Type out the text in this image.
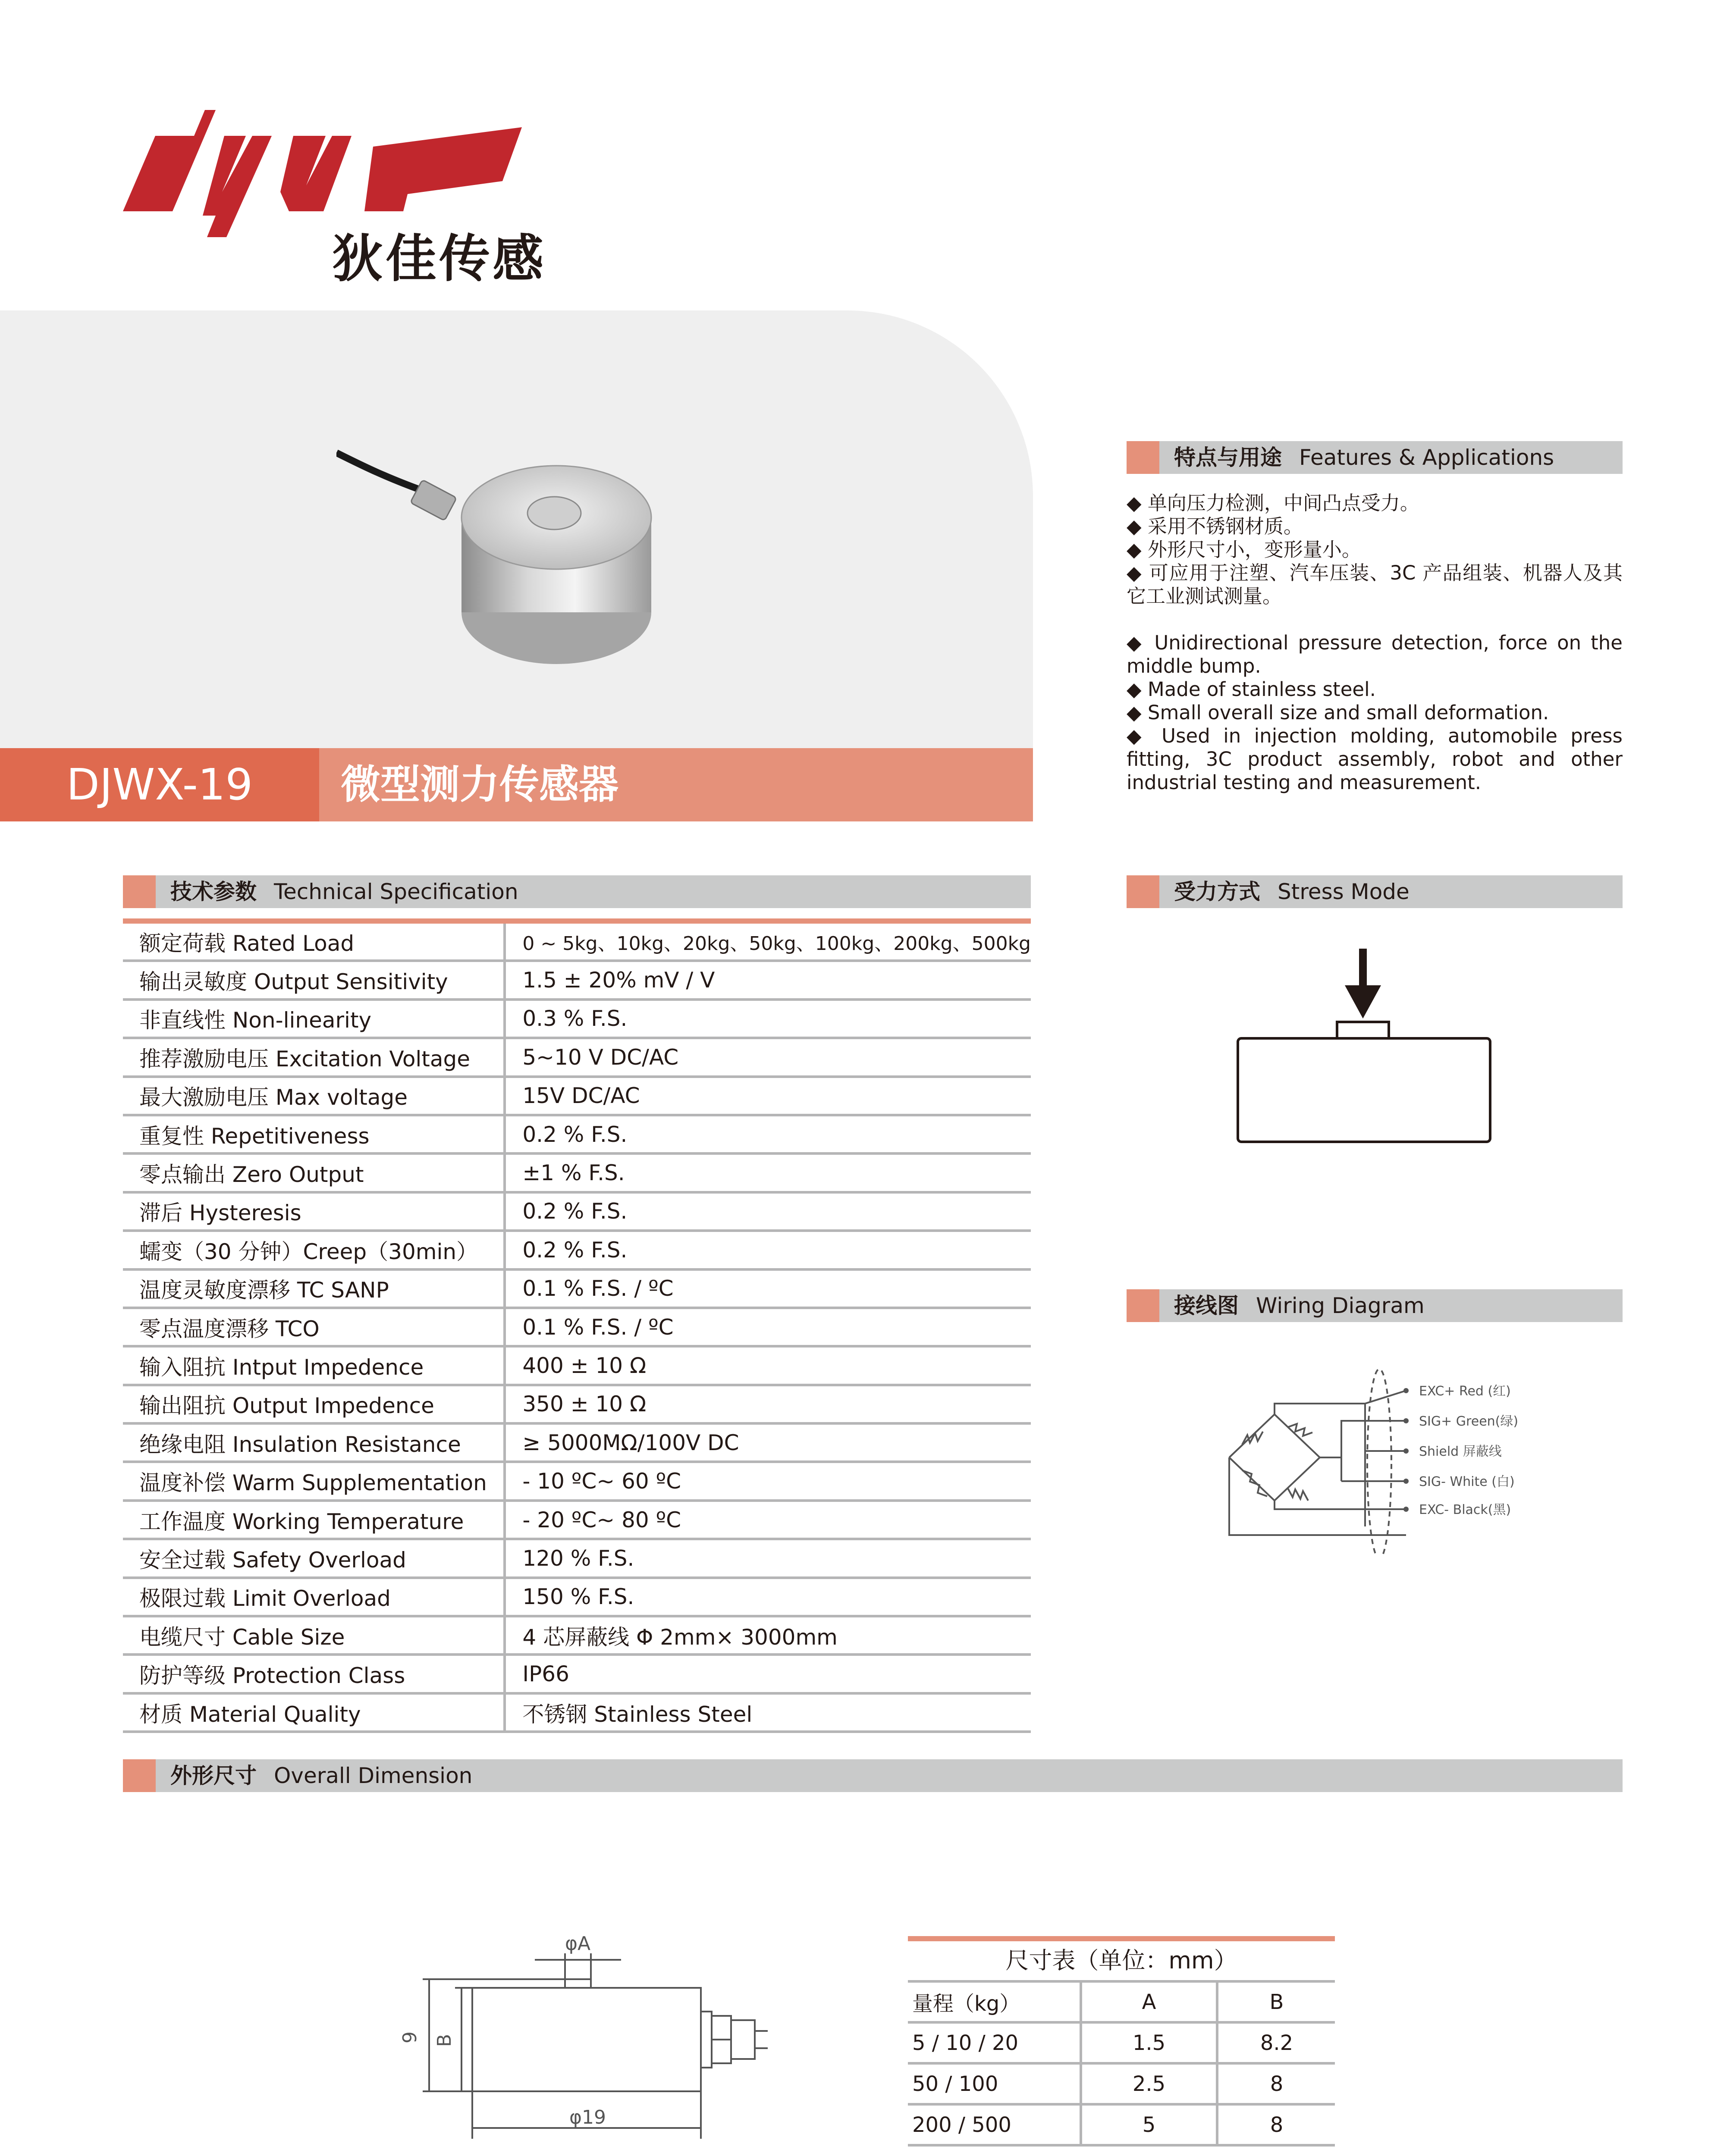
狄佳传感
DJWX-19	微型测力传感器
特点与用途 Features & Applications

◆ 单向压力检测，中间凸点受力。

◆ 采用不锈钢材质。

◆ 外形尺寸小，变形量小。

◆ 可应用于注塑、汽车压装、3C 产品组装、机器人及其它工业测试测量。

◆ Unidirectional pressure detection, force on the middle bump.

◆ Made of stainless steel.

◆ Small overall size and small deformation.

◆ Used in injection molding, automobile press fitting, 3C product assembly, robot and other industrial testing and measurement.

技术参数 Technical Specification
额定荷载 Rated Load	0 ~ 5kg、10kg、20kg、50kg、100kg、200kg、500kg
输出灵敏度 Output Sensitivity	1.5 ± 20% mV / V
非直线性 Non-linearity	0.3 % F.S.
推荐激励电压 Excitation Voltage	5~10 V DC/AC
最大激励电压 Max voltage	15V DC/AC
重复性 Repetitiveness	0.2 % F.S.
零点输出 Zero Output	±1 % F.S.
滞后 Hysteresis	0.2 % F.S.
蠕变（30 分钟）Creep（30min）	0.2 % F.S.
温度灵敏度漂移 TC SANP	0.1 % F.S. / ºC
零点温度漂移 TCO	0.1 % F.S. / ºC
输入阻抗 Intput Impedence	400 ± 10 Ω
输出阻抗 Output Impedence	350 ± 10 Ω
绝缘电阻 Insulation Resistance	≥ 5000MΩ/100V DC
温度补偿 Warm Supplementation	- 10 ºC~ 60 ºC
工作温度 Working Temperature	- 20 ºC~ 80 ºC
安全过载 Safety Overload	120 % F.S.
极限过载 Limit Overload	150 % F.S.
电缆尺寸 Cable Size	4 芯屏蔽线 Φ 2mm× 3000mm
防护等级 Protection Class	IP66
材质 Material Quality	不锈钢 Stainless Steel
受力方式 Stress Mode
接线图 Wiring Diagram
EXC+ Red (红)
SIG+ Green(绿)
Shield 屏蔽线
SIG- White (白)
EXC- Black(黑)
外形尺寸 Overall Dimension
φA
9 B
φ19
尺寸表（单位：mm）
量程（kg）	A	B
5 / 10 / 20	1.5	8.2
50 / 100	2.5	8
200 / 500	5	8
